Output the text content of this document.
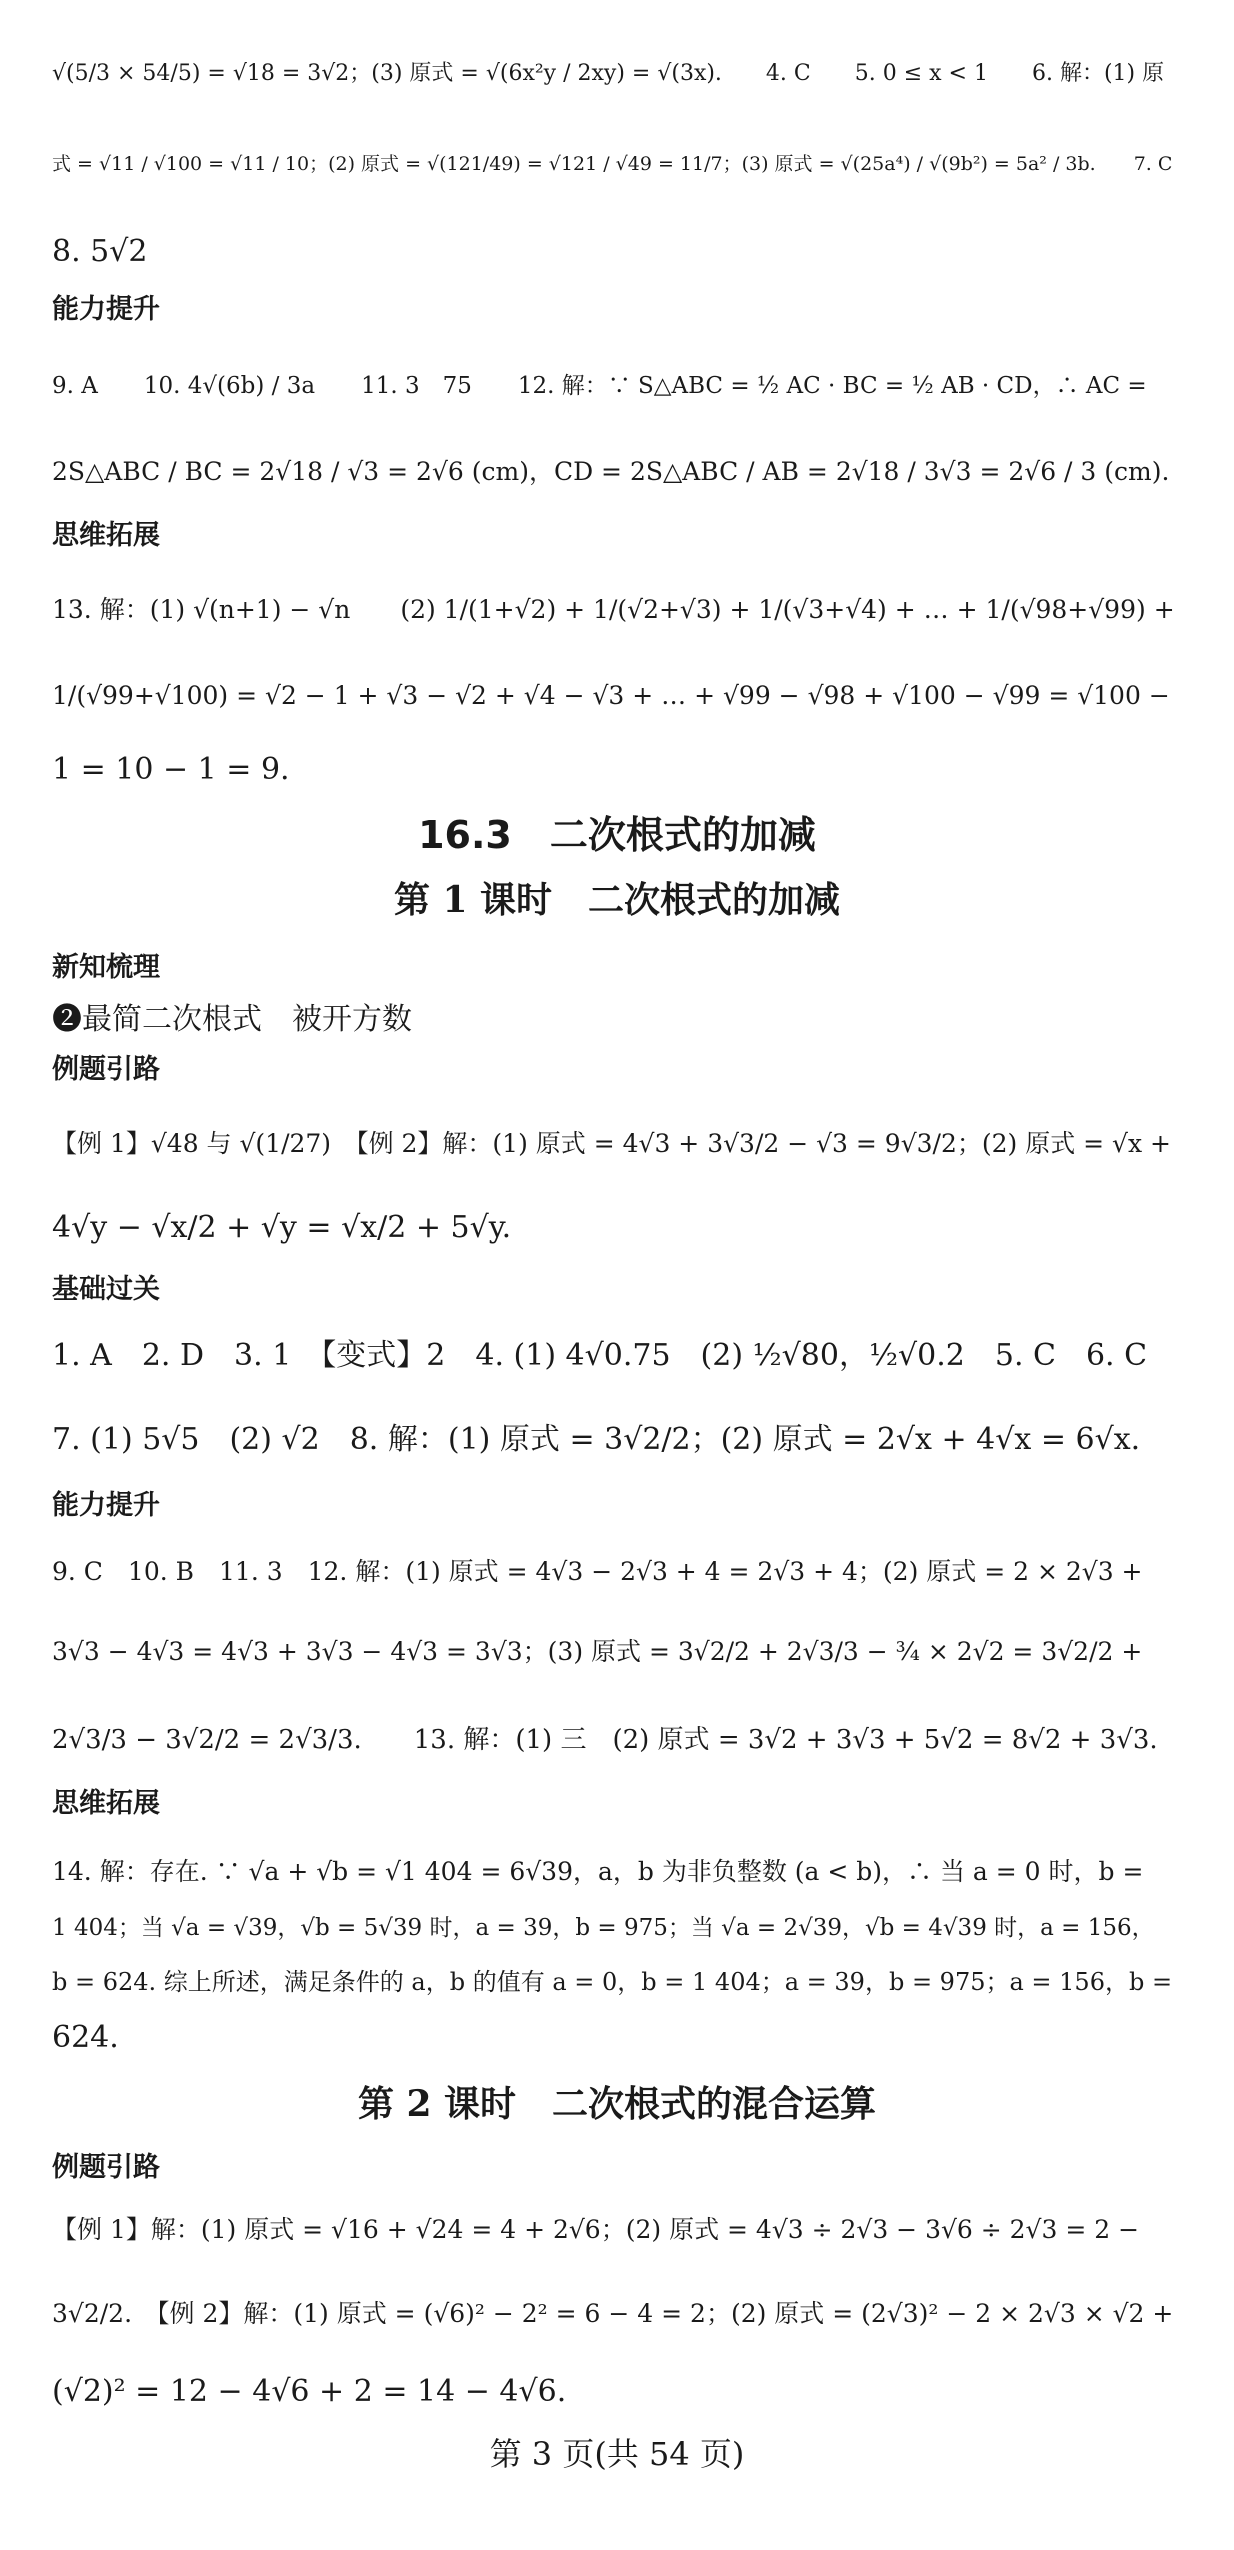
√(5/3 × 54/5) = √18 = 3√2；(3) 原式 = √(6x²y / 2xy) = √(3x).　　4. C　　5. 0 ≤ x < 1　　6. 解：(1) 原
式 = √11 / √100 = √11 / 10；(2) 原式 = √(121/49) = √121 / √49 = 11/7；(3) 原式 = √(25a⁴) / √(9b²) = 5a² / 3b.　　7. C
8. 5√2
能力提升
9. A　　10. 4√(6b) / 3a　　11. 3　75　　12. 解：∵ S△ABC = ½ AC · BC = ½ AB · CD，∴ AC =
2S△ABC / BC = 2√18 / √3 = 2√6 (cm)，CD = 2S△ABC / AB = 2√18 / 3√3 = 2√6 / 3 (cm).
思维拓展
13. 解：(1) √(n+1) − √n　　(2) 1/(1+√2) + 1/(√2+√3) + 1/(√3+√4) + … + 1/(√98+√99) +
1/(√99+√100) = √2 − 1 + √3 − √2 + √4 − √3 + … + √99 − √98 + √100 − √99 = √100 −
1 = 10 − 1 = 9.
16.3　二次根式的加减
第 1 课时　二次根式的加减
新知梳理
❷最简二次根式　被开方数
例题引路
【例 1】√48 与 √(1/27)　【例 2】解：(1) 原式 = 4√3 + 3√3/2 − √3 = 9√3/2；(2) 原式 = √x +
4√y − √x/2 + √y = √x/2 + 5√y.
基础过关
1. A　2. D　3. 1　【变式】2　4. (1) 4√0.75　(2) ½√80，½√0.2　5. C　6. C
7. (1) 5√5　(2) √2　8. 解：(1) 原式 = 3√2/2；(2) 原式 = 2√x + 4√x = 6√x.
能力提升
9. C　10. B　11. 3　12. 解：(1) 原式 = 4√3 − 2√3 + 4 = 2√3 + 4；(2) 原式 = 2 × 2√3 +
3√3 − 4√3 = 4√3 + 3√3 − 4√3 = 3√3；(3) 原式 = 3√2/2 + 2√3/3 − ¾ × 2√2 = 3√2/2 +
2√3/3 − 3√2/2 = 2√3/3.　　13. 解：(1) 三　(2) 原式 = 3√2 + 3√3 + 5√2 = 8√2 + 3√3.
思维拓展
14. 解：存在. ∵ √a + √b = √1 404 = 6√39，a，b 为非负整数 (a < b)，∴ 当 a = 0 时，b =
1 404；当 √a = √39，√b = 5√39 时，a = 39，b = 975；当 √a = 2√39，√b = 4√39 时，a = 156，
b = 624. 综上所述，满足条件的 a，b 的值有 a = 0，b = 1 404；a = 39，b = 975；a = 156，b =
624.
第 2 课时　二次根式的混合运算
例题引路
【例 1】解：(1) 原式 = √16 + √24 = 4 + 2√6；(2) 原式 = 4√3 ÷ 2√3 − 3√6 ÷ 2√3 = 2 −
3√2/2.　【例 2】解：(1) 原式 = (√6)² − 2² = 6 − 4 = 2；(2) 原式 = (2√3)² − 2 × 2√3 × √2 +
(√2)² = 12 − 4√6 + 2 = 14 − 4√6.
第 3 页(共 54 页)
